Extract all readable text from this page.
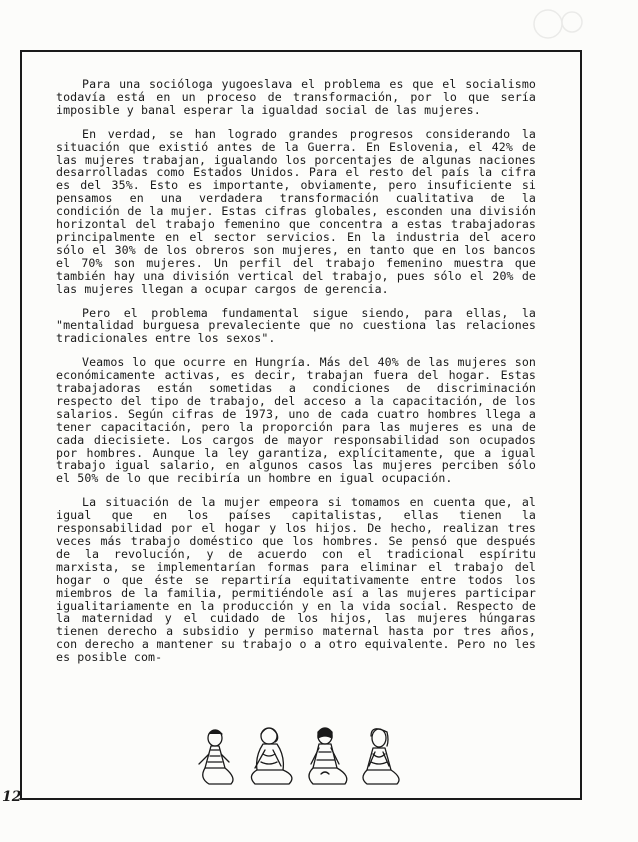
Para una socióloga yugoeslava el problema es que el socialismo todavía está en un proceso de transformación, por lo que sería imposible y banal esperar la igualdad social de las mujeres.

En verdad, se han logrado grandes progresos considerando la situación que existió antes de la Guerra. En Eslovenia, el 42% de las mujeres trabajan, igualando los porcentajes de algunas naciones desarrolladas como Estados Unidos. Para el resto del país la cifra es del 35%. Esto es importante, obviamente, pero insuficiente si pensamos en una verdadera transformación cualitativa de la condición de la mujer. Estas cifras globales, esconden una división horizontal del trabajo femenino que concentra a estas trabajadoras principalmente en el sector servicios. En la industria del acero sólo el 30% de los obreros son mujeres, en tanto que en los bancos el 70% son mujeres. Un perfil del trabajo femenino muestra que también hay una división vertical del trabajo, pues sólo el 20% de las mujeres llegan a ocupar cargos de gerencia.

Pero el problema fundamental sigue siendo, para ellas, la "mentalidad burguesa prevaleciente que no cuestiona las relaciones tradicionales entre los sexos".

Veamos lo que ocurre en Hungría. Más del 40% de las mujeres son económicamente activas, es decir, trabajan fuera del hogar. Estas trabajadoras están sometidas a condiciones de discriminación respecto del tipo de trabajo, del acceso a la capacitación, de los salarios. Según cifras de 1973, uno de cada cuatro hombres llega a tener capacitación, pero la proporción para las mujeres es una de cada diecisiete. Los cargos de mayor responsabilidad son ocupados por hombres. Aunque la ley garantiza, explícitamente, que a igual trabajo igual salario, en algunos casos las mujeres perciben sólo el 50% de lo que recibiría un hombre en igual ocupación.

La situación de la mujer empeora si tomamos en cuenta que, al igual que en los países capitalistas, ellas tienen la responsabilidad por el hogar y los hijos. De hecho, realizan tres veces más trabajo doméstico que los hombres. Se pensó que después de la revolución, y de acuerdo con el tradicional espíritu marxista, se implementarían formas para eliminar el trabajo del hogar o que éste se repartiría equitativamente entre todos los miembros de la familia, permitiéndole así a las mujeres participar igualitariamente en la producción y en la vida social. Respecto de la maternidad y el cuidado de los hijos, las mujeres húngaras tienen derecho a subsidio y permiso maternal hasta por tres años, con derecho a mantener su trabajo o a otro equivalente. Pero no les es posible com-

12
